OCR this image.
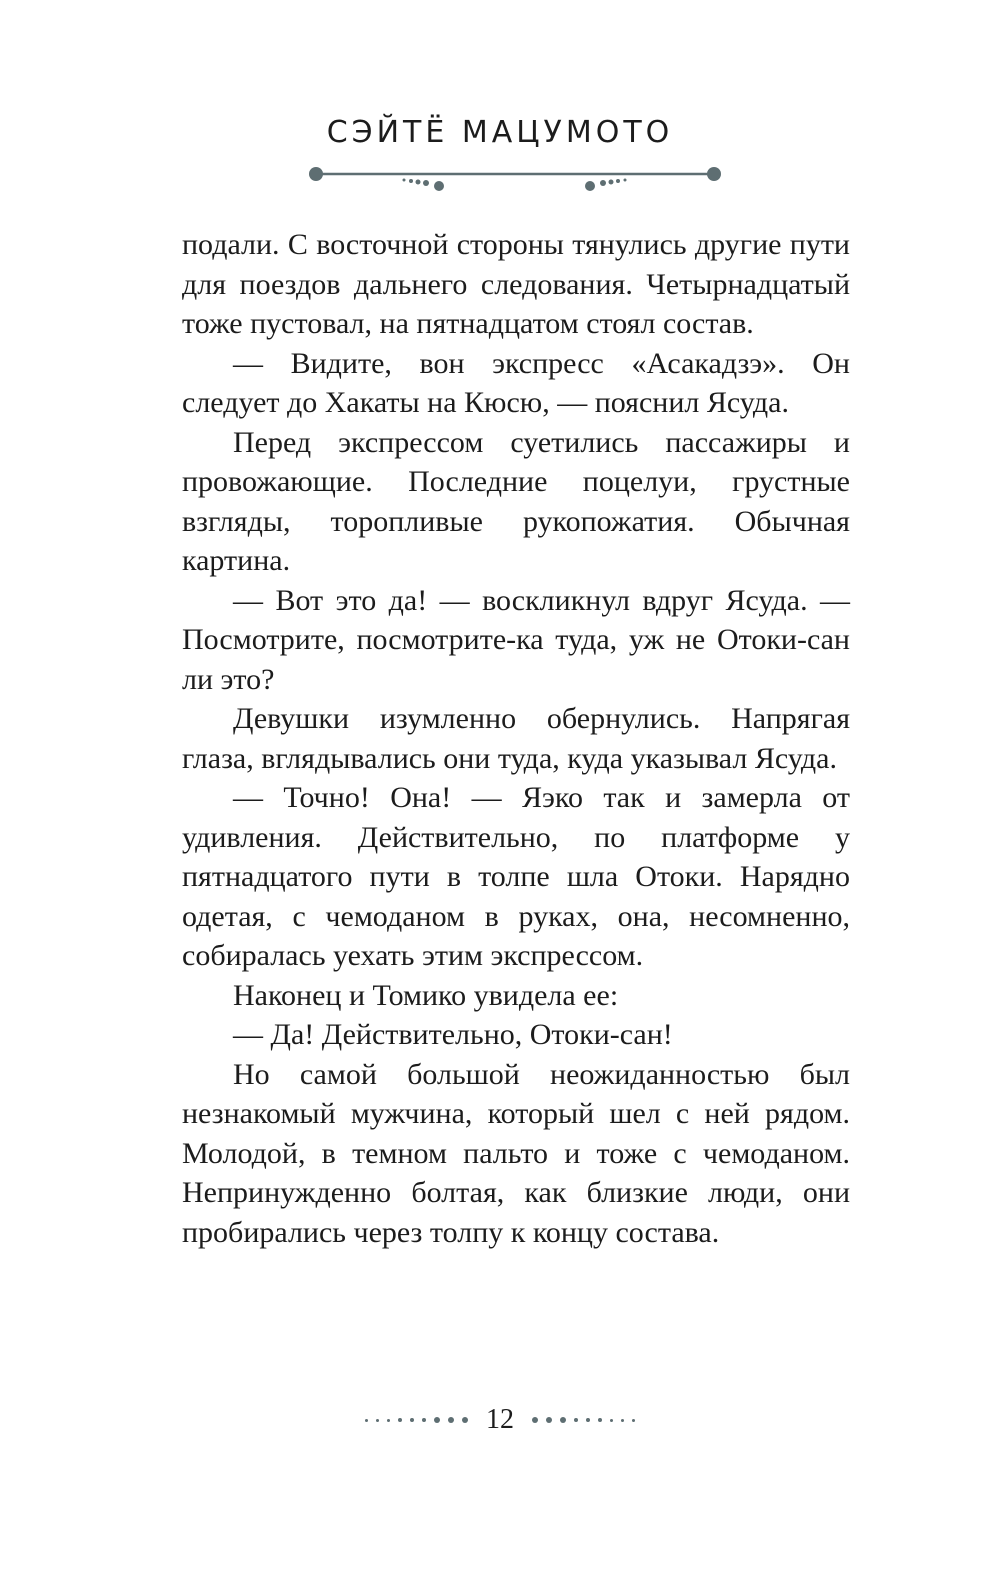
СЭЙТЁ МАЦУМОТО

подали. С восточной стороны тянулись другие пути для поездов дальнего следования. Четырнадцатый тоже пустовал, на пятнадцатом стоял состав.

— Видите, вон экспресс «Асакадзэ». Он следует до Хакаты на Кюсю, — пояснил Ясуда.

Перед экспрессом суетились пассажиры и провожающие. Последние поцелуи, грустные взгляды, торопливые рукопожатия. Обычная картина.

— Вот это да! — воскликнул вдруг Ясуда. — Посмотрите, посмотрите-ка туда, уж не Отоки-сан ли это?

Девушки изумленно обернулись. Напрягая глаза, вглядывались они туда, куда указывал Ясуда.

— Точно! Она! — Яэко так и замерла от удивления. Действительно, по платформе у пятнадцатого пути в толпе шла Отоки. Нарядно одетая, с чемоданом в руках, она, несомненно, собиралась уехать этим экспрессом.

Наконец и Томико увидела ее:

— Да! Действительно, Отоки-сан!

Но самой большой неожиданностью был незнакомый мужчина, который шел с ней рядом. Молодой, в темном пальто и тоже с чемоданом. Непринужденно болтая, как близкие люди, они пробирались через толпу к концу состава.

12
